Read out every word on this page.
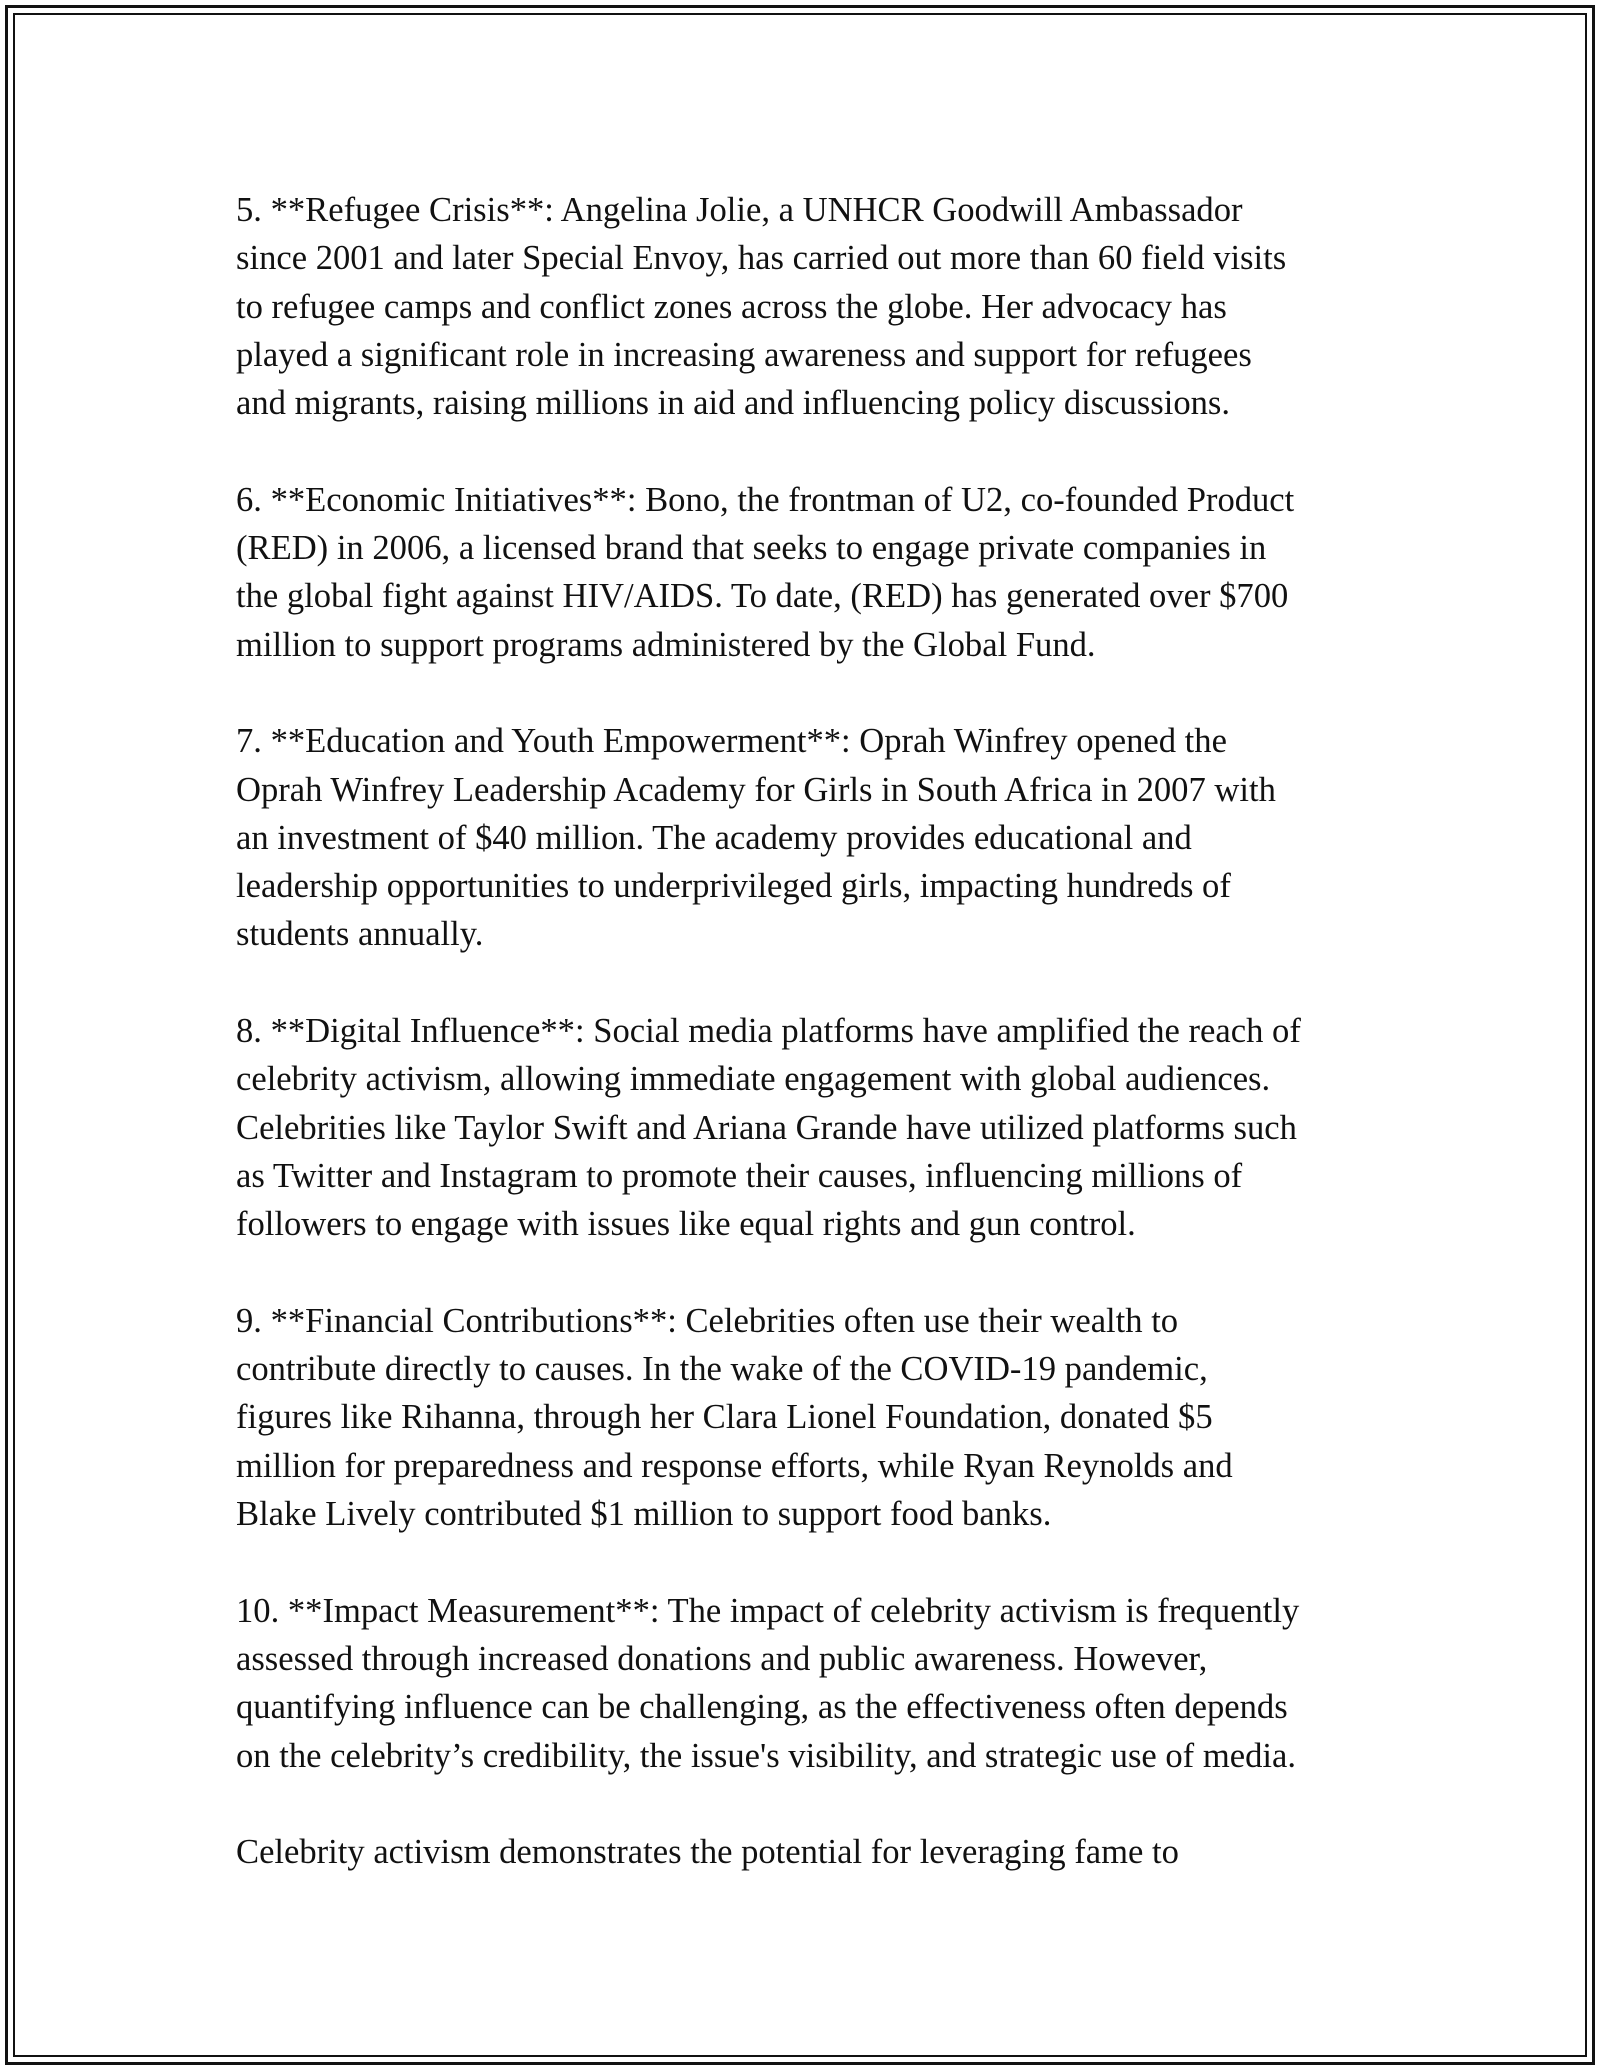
5. **Refugee Crisis**: Angelina Jolie, a UNHCR Goodwill Ambassador
since 2001 and later Special Envoy, has carried out more than 60 field visits
to refugee camps and conflict zones across the globe. Her advocacy has
played a significant role in increasing awareness and support for refugees
and migrants, raising millions in aid and influencing policy discussions.

6. **Economic Initiatives**: Bono, the frontman of U2, co-founded Product
(RED) in 2006, a licensed brand that seeks to engage private companies in
the global fight against HIV/AIDS. To date, (RED) has generated over $700
million to support programs administered by the Global Fund.

7. **Education and Youth Empowerment**: Oprah Winfrey opened the
Oprah Winfrey Leadership Academy for Girls in South Africa in 2007 with
an investment of $40 million. The academy provides educational and
leadership opportunities to underprivileged girls, impacting hundreds of
students annually.

8. **Digital Influence**: Social media platforms have amplified the reach of
celebrity activism, allowing immediate engagement with global audiences.
Celebrities like Taylor Swift and Ariana Grande have utilized platforms such
as Twitter and Instagram to promote their causes, influencing millions of
followers to engage with issues like equal rights and gun control.

9. **Financial Contributions**: Celebrities often use their wealth to
contribute directly to causes. In the wake of the COVID-19 pandemic,
figures like Rihanna, through her Clara Lionel Foundation, donated $5
million for preparedness and response efforts, while Ryan Reynolds and
Blake Lively contributed $1 million to support food banks.

10. **Impact Measurement**: The impact of celebrity activism is frequently
assessed through increased donations and public awareness. However,
quantifying influence can be challenging, as the effectiveness often depends
on the celebrity’s credibility, the issue's visibility, and strategic use of media.

Celebrity activism demonstrates the potential for leveraging fame to
